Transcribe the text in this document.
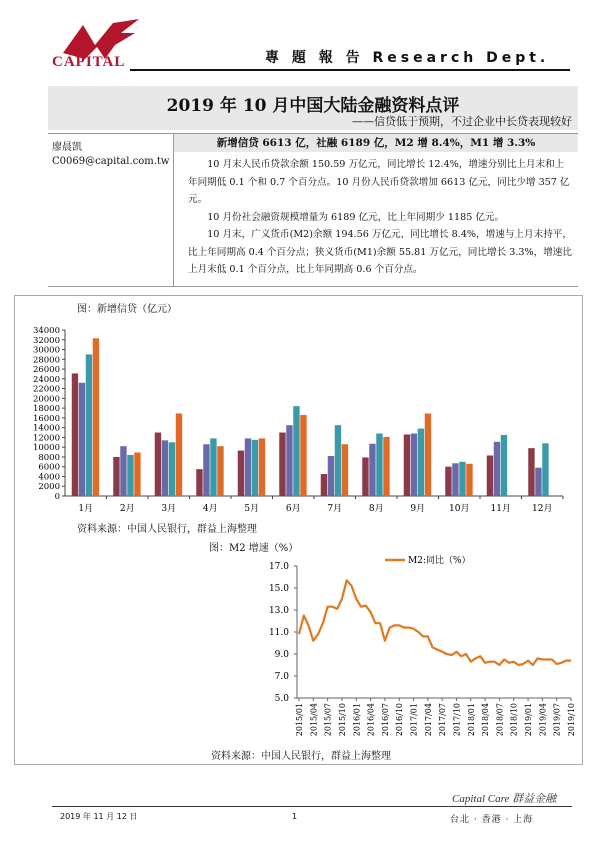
CAPITAL	專 題 報 告 Research Dept.
2019 年 10 月中国大陆金融资料点评
——信贷低于预期，不过企业中长贷表现较好
廖晨凯
C0069@capital.com.tw
新增信贷 6613 亿，社融 6189 亿，M2 增 8.4%，M1 增 3.3%

10 月末人民币贷款余额 150.59 万亿元，同比增长 12.4%，增速分别比上月末和上年同期低 0.1 个和 0.7 个百分点。10 月份人民币贷款增加 6613 亿元，同比少增 357 亿元。

10 月份社会融资规模增量为 6189 亿元，比上年同期少 1185 亿元。

10 月末，广义货币(M2)余额 194.56 万亿元，同比增长 8.4%，增速与上月末持平，比上年同期高 0.4 个百分点；狭义货币(M1)余额 55.81 万亿元，同比增长 3.3%，增速比上月末低 0.1 个百分点，比上年同期高 0.6 个百分点。

图：新增信贷（亿元）
0
2000
4000
6000
8000
10000
12000
14000
16000
18000
20000
22000
24000
26000
28000
30000
32000
34000
1月	2月	3月	4月	5月	6月	7月	8月	9月	10月 11月 12月
资料来源：中国人民银行，群益上海整理
图：M2 增速（%）
5.0
7.0
9.0
11.0
13.0
15.0
17.0
2015/01 2015/04 2015/07 2015/10 2016/01 2016/04 2016/07 2016/10 2017/01 2017/04 2017/07 2017/10 2018/01 2018/04 2018/07 2018/10 2019/01 2019/04 2019/07 2019/10
M2:同比（%）
资料来源：中国人民银行，群益上海整理
Capital Care 群益金融
2019 年 11 月 12 日	1	台北 · 香港 · 上海
